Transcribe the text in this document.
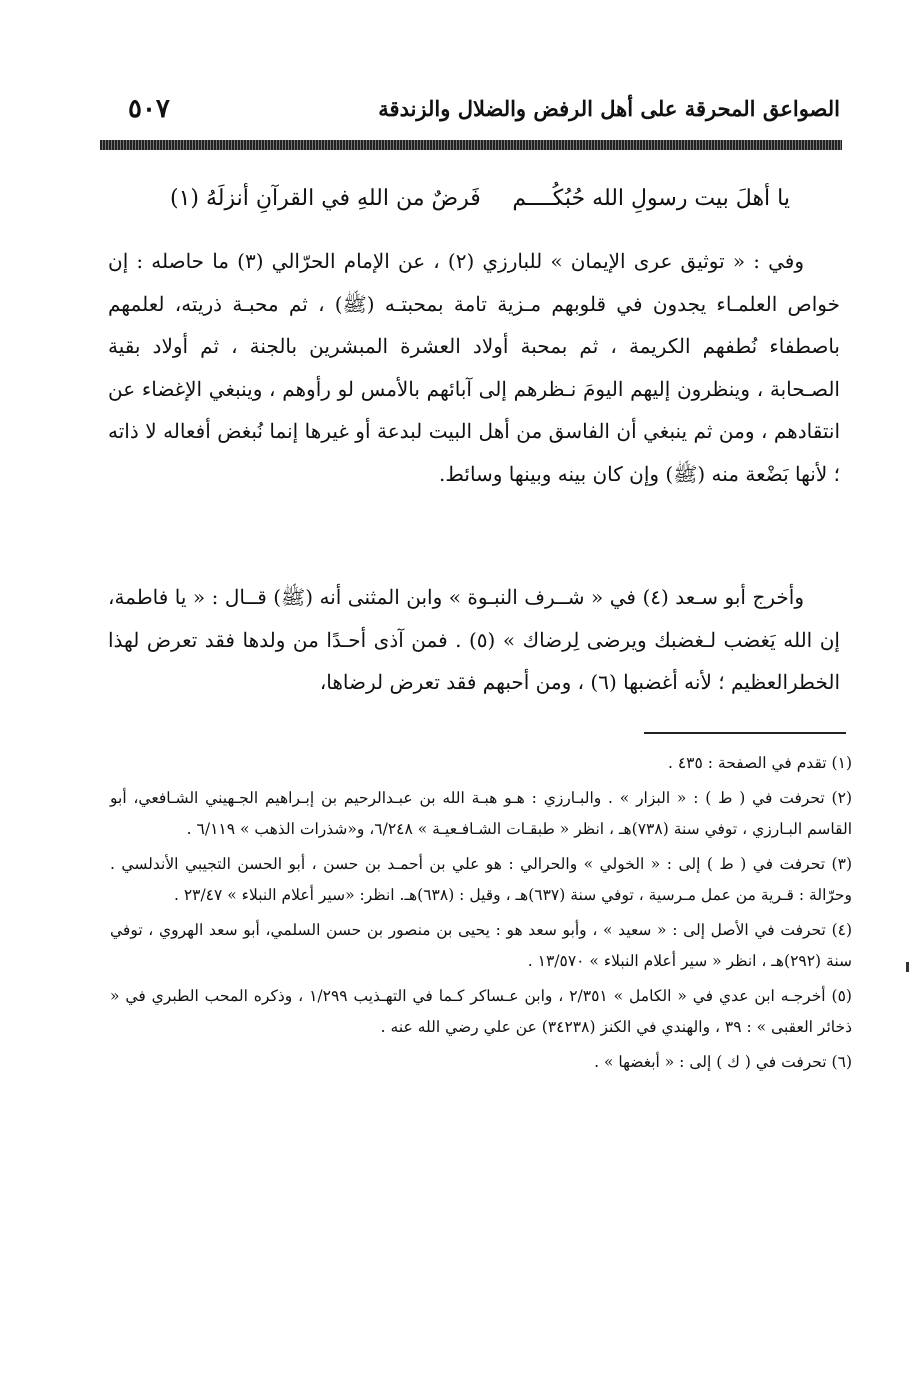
الصواعق المحرقة على أهل الرفض والضلال والزندقة
٥٠٧
يا أهلَ بيت رسولِ الله حُبُكُــــم
فَرضٌ من اللهِ في القرآنِ أنزلَهُ (١)

وفي : « توثيق عرى الإيمان » للبارزي (٢) ، عن الإمام الحرّالي (٣) ما حاصله : إن خواص العلمـاء يجدون في قلوبهم مـزية تامة بمحبتـه (ﷺ) ، ثم محبـة ذريته، لعلمهم باصطفاء نُطفهم الكريمة ، ثم بمحبة أولاد العشرة المبشرين بالجنة ، ثم أولاد بقية الصـحابة ، وينظرون إليهم اليومَ نـظرهم إلى آبائهم بالأمس لو رأوهم ، وينبغي الإغضاء عن انتقادهم ، ومن ثم ينبغي أن الفاسق من أهل البيت لبدعة أو غيرها إنما نُبغض أفعاله لا ذاته ؛ لأنها بَضْعة منه (ﷺ) وإن كان بينه وبينها وسائط.

وأخرج أبو سـعد (٤) في « شــرف النبـوة » وابن المثنى أنه (ﷺ) قــال : « يا فاطمة، إن الله يَغضب لـغضبك ويرضى لِرضاك » (٥) . فمن آذى أحـدًا من ولدها فقد تعرض لهذا الخطرالعظيم ؛ لأنه أغضبها (٦) ، ومن أحبهم فقد تعرض لرضاها،

(١) تقدم في الصفحة : ٤٣٥ .
(٢) تحرفت في ( ط ) : « البزار » . والبـارزي : هـو هبـة الله بن عبـدالرحيم بن إبـراهيم الجـهيني الشـافعي، أبو القاسم البـارزي ، توفي سنة (٧٣٨)هـ ، انظر « طبقـات الشـافـعيـة » ٦/٢٤٨، و«شذرات الذهب » ٦/١١٩ .
(٣) تحرفت في ( ط ) إلى : « الخولي » والحرالي : هو علي بن أحمـد بن حسن ، أبو الحسن التجيبي الأندلسي . وحرّالة : قـرية من عمل مـرسية ، توفي سنة (٦٣٧)هـ ، وقيل : (٦٣٨)هـ. انظر: «سير أعلام النبلاء » ٢٣/٤٧ .
(٤) تحرفت في الأصل إلى : « سعيد » ، وأبو سعد هو : يحيى بن منصور بن حسن السلمي، أبو سعد الهروي ، توفي سنة (٢٩٢)هـ ، انظر « سير أعلام النبلاء » ١٣/٥٧٠ .
(٥) أخرجـه ابن عدي في « الكامل » ٢/٣٥١ ، وابن عـساكر كـما في التهـذيب ١/٢٩٩ ، وذكره المحب الطبري في « ذخائر العقبى » : ٣٩ ، والهندي في الكنز (٣٤٢٣٨) عن علي رضي الله عنه .
(٦) تحرفت في ( ك ) إلى : « أبغضها » .
